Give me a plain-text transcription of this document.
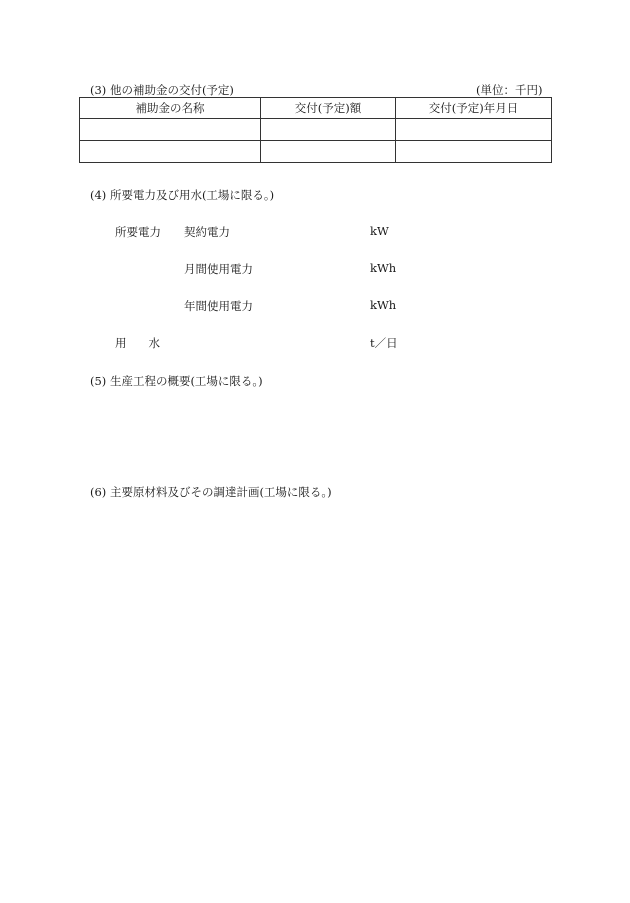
(3) 他の補助金の交付(予定)	(単位：千円)
補助金の名称	交付(予定)額	交付(予定)年月日

(4) 所要電力及び用水(工場に限る。)
所要電力 契約電力	kW
月間使用電力	kWh
年間使用電力	kWh
用水	t／日
(5) 生産工程の概要(工場に限る。)
(6) 主要原材料及びその調達計画(工場に限る。)
